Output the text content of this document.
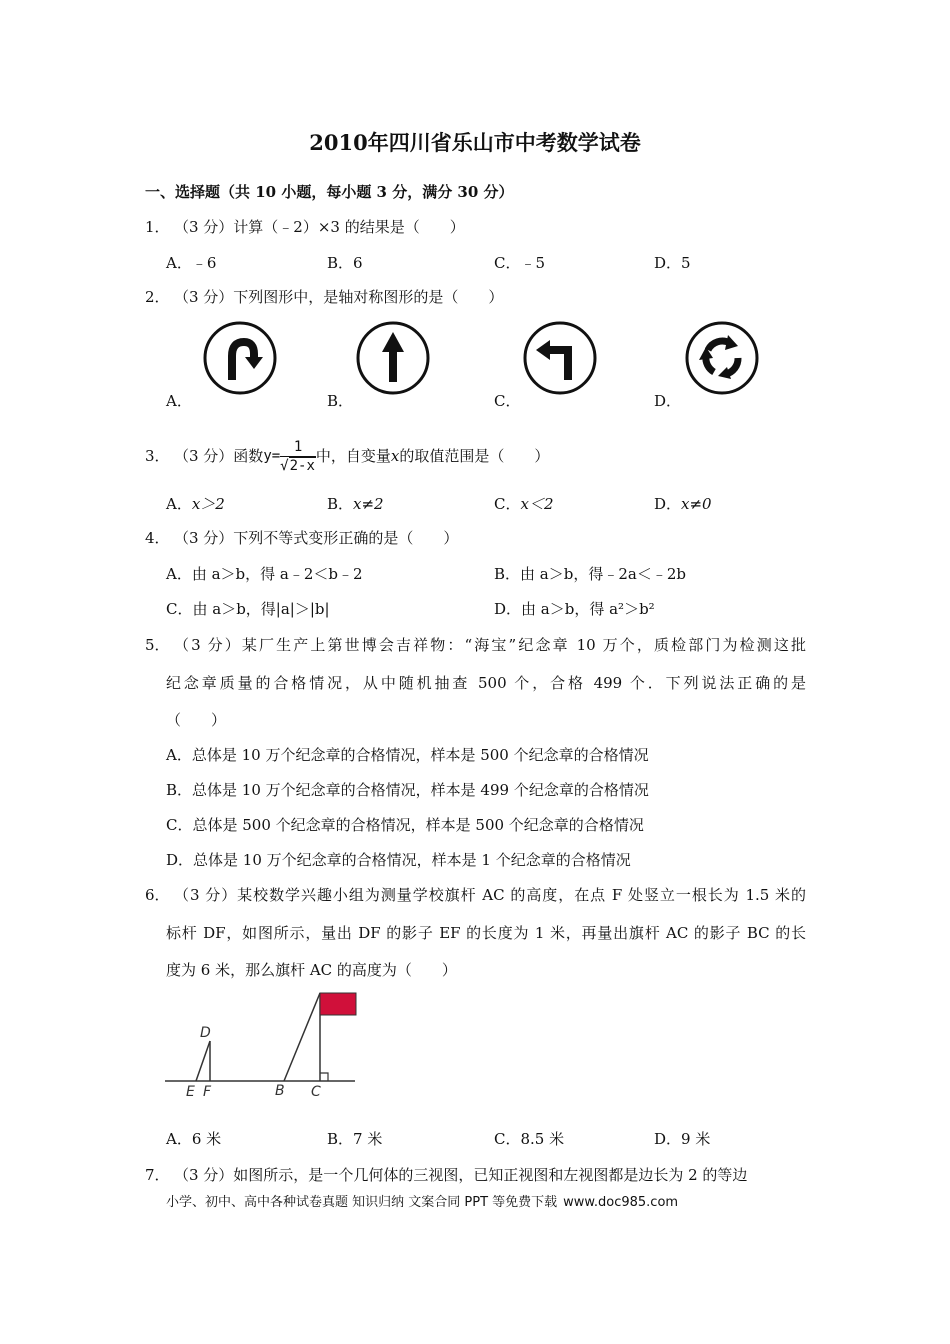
2010年四川省乐山市中考数学试卷
一、选择题（共 10 小题，每小题 3 分，满分 30 分）
1． （3 分）计算（﹣2）×3 的结果是（　　）
A．﹣6	B．6	C．﹣5	D．5
2． （3 分）下列图形中，是轴对称图形的是（　　）
A．	B．	C．	D．
3． （3 分）函数 $y= \frac{1}{√2-x}$ 中，自变量 x 的取值范围是（　　）
A．x＞2	B．x≠2	C．x＜2	D．x≠0
4． （3 分）下列不等式变形正确的是（　　）
A．由 a＞b，得 a﹣2＜b﹣2	B．由 a＞b，得﹣2a＜﹣2b
C．由 a＞b，得|a|＞|b|	D．由 a＞b，得 a²＞b²
5． （3 分）某厂生产上第世博会吉祥物：“海宝”纪念章 10 万个，质检部门为检测这批
纪念章质量的合格情况，从中随机抽查 500 个，合格 499 个．下列说法正确的是
（　　）
A．总体是 10 万个纪念章的合格情况，样本是 500 个纪念章的合格情况
B．总体是 10 万个纪念章的合格情况，样本是 499 个纪念章的合格情况
C．总体是 500 个纪念章的合格情况，样本是 500 个纪念章的合格情况
D．总体是 10 万个纪念章的合格情况，样本是 1 个纪念章的合格情况
6． （3 分）某校数学兴趣小组为测量学校旗杆 AC 的高度，在点 F 处竖立一根长为 1.5 米的
标杆 DF，如图所示，量出 DF 的影子 EF 的长度为 1 米，再量出旗杆 AC 的影子 BC 的长
度为 6 米，那么旗杆 AC 的高度为（　　）
D
E F	B C
A．6 米	B．7 米	C．8.5 米	D．9 米
7． （3 分）如图所示，是一个几何体的三视图，已知正视图和左视图都是边长为 2 的等边
小学、初中、高中各种试卷真题 知识归纳 文案合同 PPT 等免费下载 www.doc985.com
